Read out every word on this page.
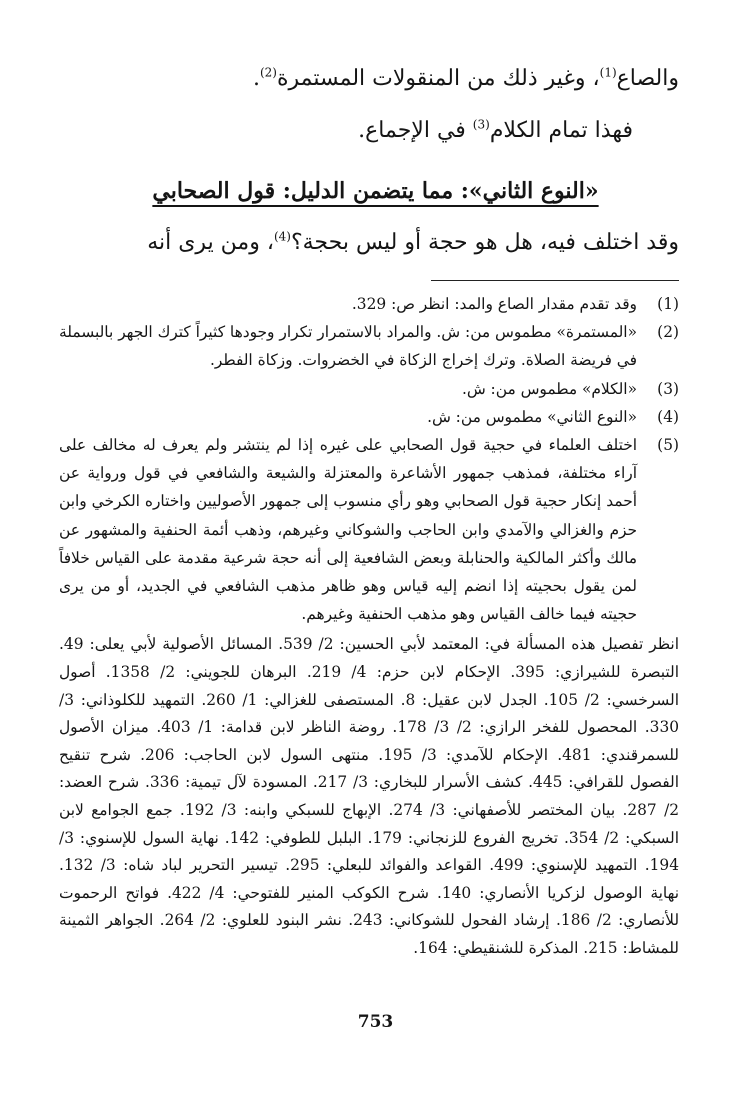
والصاع$^{(1)}$، وغير ذلك من المنقولات المستمرة$^{(2)}$.
فهذا تمام الكلام$^{(3)}$ في الإجماع.
«النوع الثاني»: مما يتضمن الدليل: قول الصحابي
وقد اختلف فيه، هل هو حجة أو ليس بحجة؟$^{(4)}$، ومن يرى أنه
(1)
وقد تقدم مقدار الصاع والمد: انظر ص: 329.
(2)
«المستمرة» مطموس من: ش. والمراد بالاستمرار تكرار وجودها كثيراً كترك الجهر بالبسملة في فريضة الصلاة. وترك إخراج الزكاة في الخضروات. وزكاة الفطر.
(3)
«الكلام» مطموس من: ش.
(4)
«النوع الثاني» مطموس من: ش.
(5)
اختلف العلماء في حجية قول الصحابي على غيره إذا لم ينتشر ولم يعرف له مخالف على آراء مختلفة، فمذهب جمهور الأشاعرة والمعتزلة والشيعة والشافعي في قول ورواية عن أحمد إنكار حجية قول الصحابي وهو رأي منسوب إلى جمهور الأصوليين واختاره الكرخي وابن حزم والغزالي والآمدي وابن الحاجب والشوكاني وغيرهم، وذهب أئمة الحنفية والمشهور عن مالك وأكثر المالكية والحنابلة وبعض الشافعية إلى أنه حجة شرعية مقدمة على القياس خلافاً لمن يقول بحجيته إذا انضم إليه قياس وهو ظاهر مذهب الشافعي في الجديد، أو من يرى حجيته فيما خالف القياس وهو مذهب الحنفية وغيرهم.
انظر تفصيل هذه المسألة في: المعتمد لأبي الحسين: 2/ 539. المسائل الأصولية لأبي يعلى: 49. التبصرة للشيرازي: 395. الإحكام لابن حزم: 4/ 219. البرهان للجويني: 2/ 1358. أصول السرخسي: 2/ 105. الجدل لابن عقيل: 8. المستصفى للغزالي: 1/ 260. التمهيد للكلوذاني: 3/ 330. المحصول للفخر الرازي: 2/ 3/ 178. روضة الناظر لابن قدامة: 1/ 403. ميزان الأصول للسمرقندي: 481. الإحكام للآمدي: 3/ 195. منتهى السول لابن الحاجب: 206. شرح تنقيح الفصول للقرافي: 445. كشف الأسرار للبخاري: 3/ 217. المسودة لآل تيمية: 336. شرح العضد: 2/ 287. بيان المختصر للأصفهاني: 3/ 274. الإبهاج للسبكي وابنه: 3/ 192. جمع الجوامع لابن السبكي: 2/ 354. تخريج الفروع للزنجاني: 179. البلبل للطوفي: 142. نهاية السول للإسنوي: 3/ 194. التمهيد للإسنوي: 499. القواعد والفوائد للبعلي: 295. تيسير التحرير لباد شاه: 3/ 132. نهاية الوصول لزكريا الأنصاري: 140. شرح الكوكب المنير للفتوحي: 4/ 422. فواتح الرحموت للأنصاري: 2/ 186. إرشاد الفحول للشوكاني: 243. نشر البنود للعلوي: 2/ 264. الجواهر الثمينة للمشاط: 215. المذكرة للشنقيطي: 164.
753
